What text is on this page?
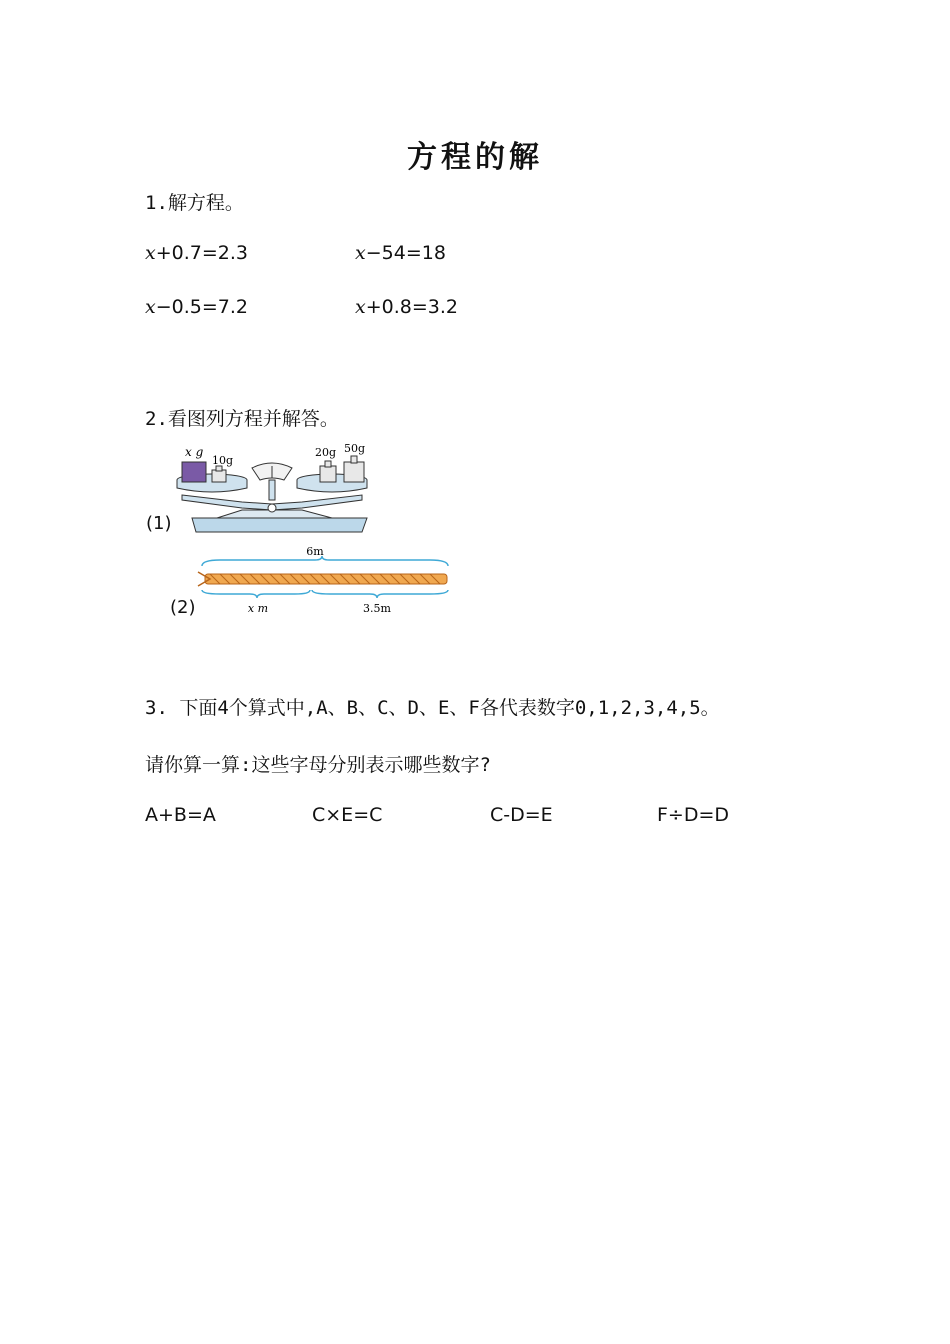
方程的解
1.解方程。
x+0.7=2.3	x−54=18
x−0.5=7.2	x+0.8=3.2
2.看图列方程并解答。
(1)
x g
10g
20g 50g
(2)
6m
x m	3.5m
3. 下面4个算式中,A、B、C、D、E、F各代表数字0,1,2,3,4,5。
请你算一算:这些字母分别表示哪些数字?
A+B=A	C×E=C	C-D=E	F÷D=D
